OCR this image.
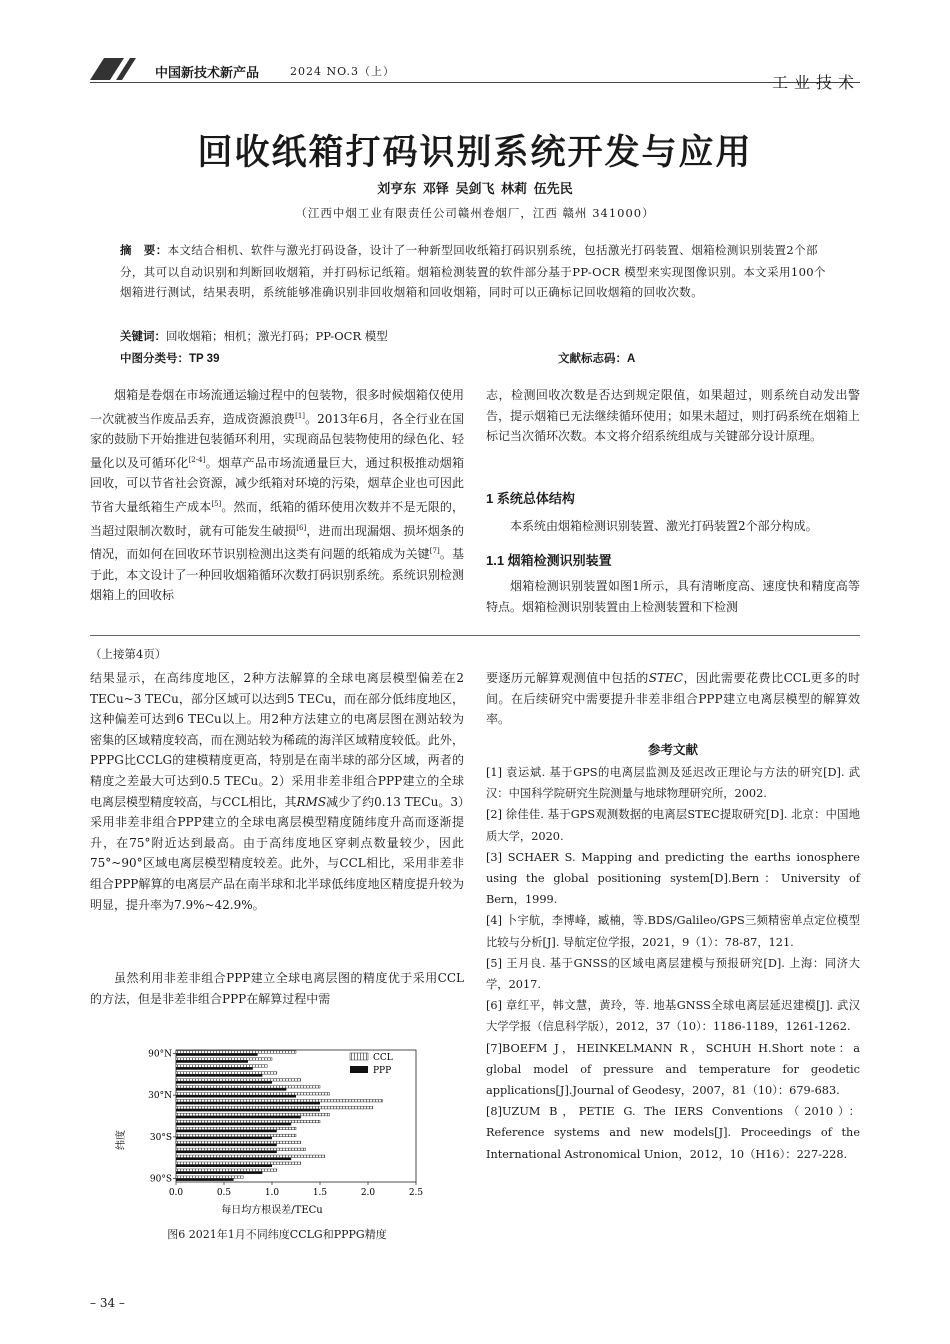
中国新技术新产品	2024 NO.3（上）
工业技术
回收纸箱打码识别系统开发与应用
刘亨东 邓铎 吴剑飞 林莉 伍先民
（江西中烟工业有限责任公司赣州卷烟厂，江西 赣州 341000）
摘　要：本文结合相机、软件与激光打码设备，设计了一种新型回收纸箱打码识别系统，包括激光打码装置、烟箱检测识别装置2个部分，其可以自动识别和判断回收烟箱，并打码标记纸箱。烟箱检测装置的软件部分基于PP-OCR 模型来实现图像识别。本文采用100个烟箱进行测试，结果表明，系统能够准确识别非回收烟箱和回收烟箱，同时可以正确标记回收烟箱的回收次数。
关键词：回收烟箱；相机；激光打码；PP-OCR 模型
中图分类号：TP 39	文献标志码：A
烟箱是卷烟在市场流通运输过程中的包装物，很多时候烟箱仅使用一次就被当作废品丢弃，造成资源浪费[1]。2013年6月，各全行业在国家的鼓励下开始推进包装循环利用，实现商品包装物使用的绿色化、轻量化以及可循环化[2-4]。烟草产品市场流通量巨大，通过积极推动烟箱回收，可以节省社会资源，减少纸箱对环境的污染，烟草企业也可因此节省大量纸箱生产成本[5]。然而，纸箱的循环使用次数并不是无限的，当超过限制次数时，就有可能发生破损[6]，进而出现漏烟、损坏烟条的情况，而如何在回收环节识别检测出这类有问题的纸箱成为关键[7]。基于此，本文设计了一种回收烟箱循环次数打码识别系统。系统识别检测烟箱上的回收标
志，检测回收次数是否达到规定限值，如果超过，则系统自动发出警告，提示烟箱已无法继续循环使用；如果未超过，则打码系统在烟箱上标记当次循环次数。本文将介绍系统组成与关键部分设计原理。
1 系统总体结构
本系统由烟箱检测识别装置、激光打码装置2个部分构成。
1.1 烟箱检测识别装置
烟箱检测识别装置如图1所示，具有清晰度高、速度快和精度高等特点。烟箱检测识别装置由上检测装置和下检测
（上接第4页）
结果显示，在高纬度地区，2种方法解算的全球电离层模型偏差在2 TECu~3 TECu，部分区域可以达到5 TECu，而在部分低纬度地区，这种偏差可达到6 TECu以上。用2种方法建立的电离层图在测站较为密集的区域精度较高，而在测站较为稀疏的海洋区域精度较低。此外，PPPG比CCLG的建模精度更高，特别是在南半球的部分区域，两者的精度之差最大可达到0.5 TECu。2）采用非差非组合PPP建立的全球电离层模型精度较高，与CCL相比，其RMS减少了约0.13 TECu。3）采用非差非组合PPP建立的全球电离层模型精度随纬度升高而逐渐提升，在75°附近达到最高。由于高纬度地区穿刺点数量较少，因此75°~90°区域电离层模型精度较差。此外，与CCL相比，采用非差非组合PPP解算的电离层产品在南半球和北半球低纬度地区精度提升较为明显，提升率为7.9%~42.9%。
虽然利用非差非组合PPP建立全球电离层图的精度优于采用CCL的方法，但是非差非组合PPP在解算过程中需
要逐历元解算观测值中包括的STEC，因此需要花费比CCL更多的时间。在后续研究中需要提升非差非组合PPP建立电离层模型的解算效率。
参考文献

[1] 袁运斌. 基于GPS的电离层监测及延迟改正理论与方法的研究[D]. 武汉：中国科学院研究生院测量与地球物理研究所，2002.

[2] 徐佳佳. 基于GPS观测数据的电离层STEC提取研究[D]. 北京：中国地质大学，2020.

[3] SCHAER S. Mapping and predicting the earths ionosphere using the global positioning system[D].Bern：University of Bern，1999.

[4] 卜宇航，李博峰，臧楠，等.BDS/Galileo/GPS三频精密单点定位模型比较与分析[J]. 导航定位学报，2021，9（1）：78-87，121.

[5] 王月良. 基于GNSS的区域电离层建模与预报研究[D]. 上海：同济大学，2017.

[6] 章红平，韩文慧，黄玲，等. 地基GNSS全球电离层延迟建模[J]. 武汉大学学报（信息科学版），2012，37（10）：1186-1189，1261-1262.

[7]BOEFM J，HEINKELMANN R，SCHUH H.Short note：a global model of pressure and temperature for geodetic applications[J].Journal of Geodesy，2007，81（10）：679-683.

[8]UZUM B，PETIE G. The IERS Conventions（2010）：Reference systems and new models[J]. Proceedings of the International Astronomical Union，2012，10（H16）：227-228.

0.0	0.5	1.0	1.5	2.0	2.5
90°N
30°N
30°S
90°S
CCL
PPP
纬度
每日均方根误差/TECu
图6 2021年1月不同纬度CCLG和PPPG精度
– 34 –
